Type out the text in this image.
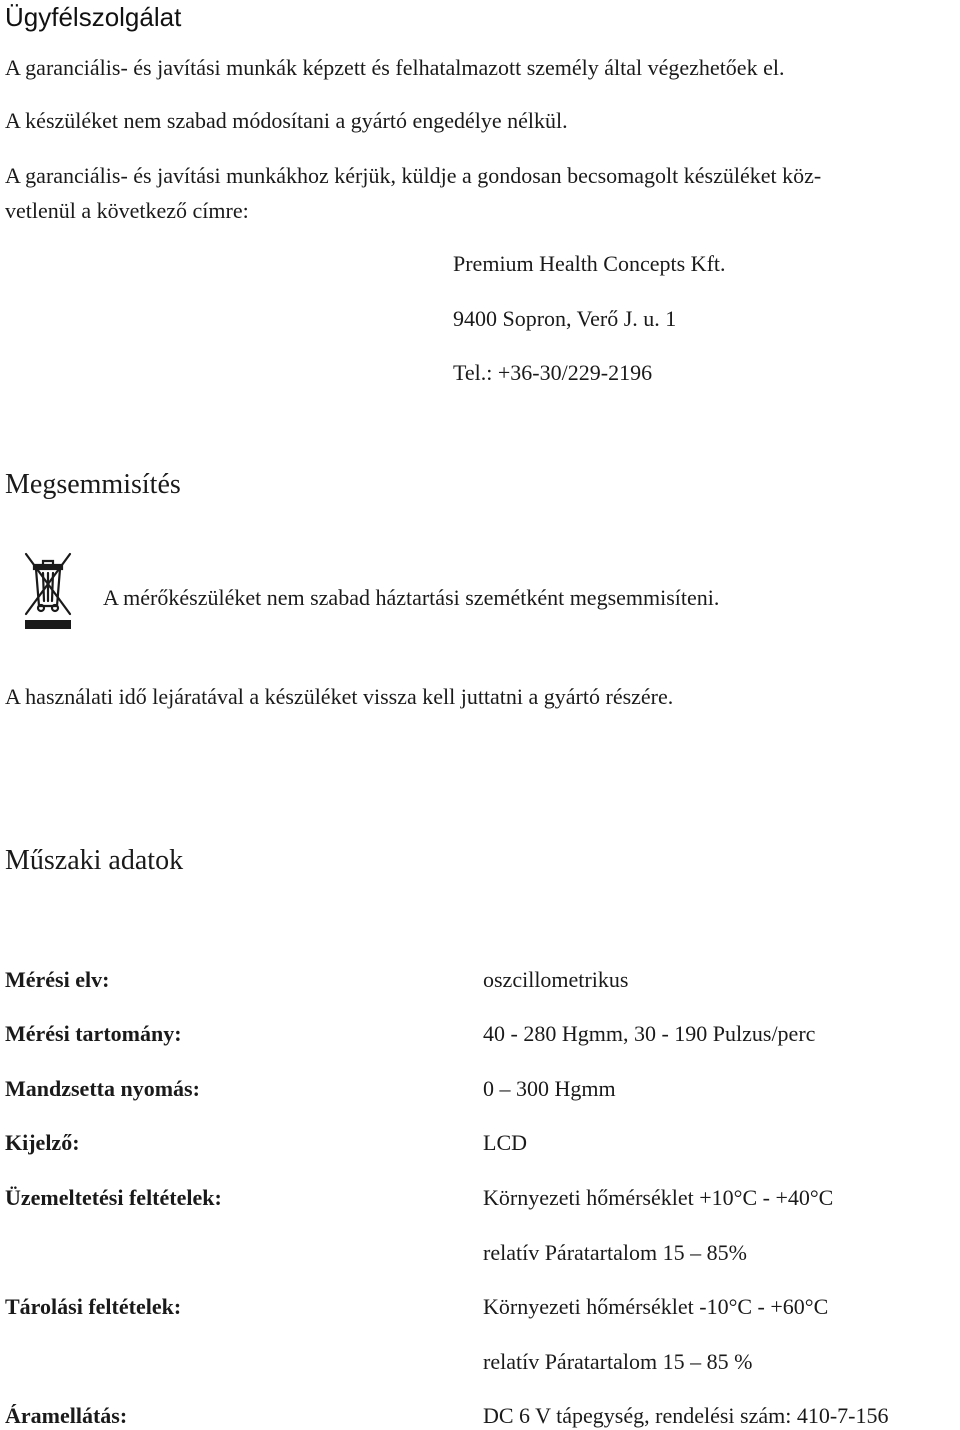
Ügyfélszolgálat
A garanciális- és javítási munkák képzett és felhatalmazott személy által végezhetőek el.
A készüléket nem szabad módosítani a gyártó engedélye nélkül.
A garanciális- és javítási munkákhoz kérjük, küldje a gondosan becsomagolt készüléket köz-
vetlenül a következő címre:
Premium Health Concepts Kft.
9400 Sopron, Verő J. u. 1
Tel.: +36-30/229-2196
Megsemmisítés
A mérőkészüléket nem szabad háztartási szemétként megsemmisíteni.
A használati idő lejáratával a készüléket vissza kell juttatni a gyártó részére.
Műszaki adatok
Mérési elv:	oszcillometrikus
Mérési tartomány:	40 - 280 Hgmm, 30 - 190 Pulzus/perc
Mandzsetta nyomás:	0 – 300 Hgmm
Kijelző:	LCD
Üzemeltetési feltételek:	Környezeti hőmérséklet +10°C - +40°C
relatív Páratartalom 15 – 85%
Tárolási feltételek:	Környezeti hőmérséklet -10°C - +60°C
relatív Páratartalom 15 – 85 %
Áramellátás:	DC 6 V tápegység, rendelési szám: 410-7-156
